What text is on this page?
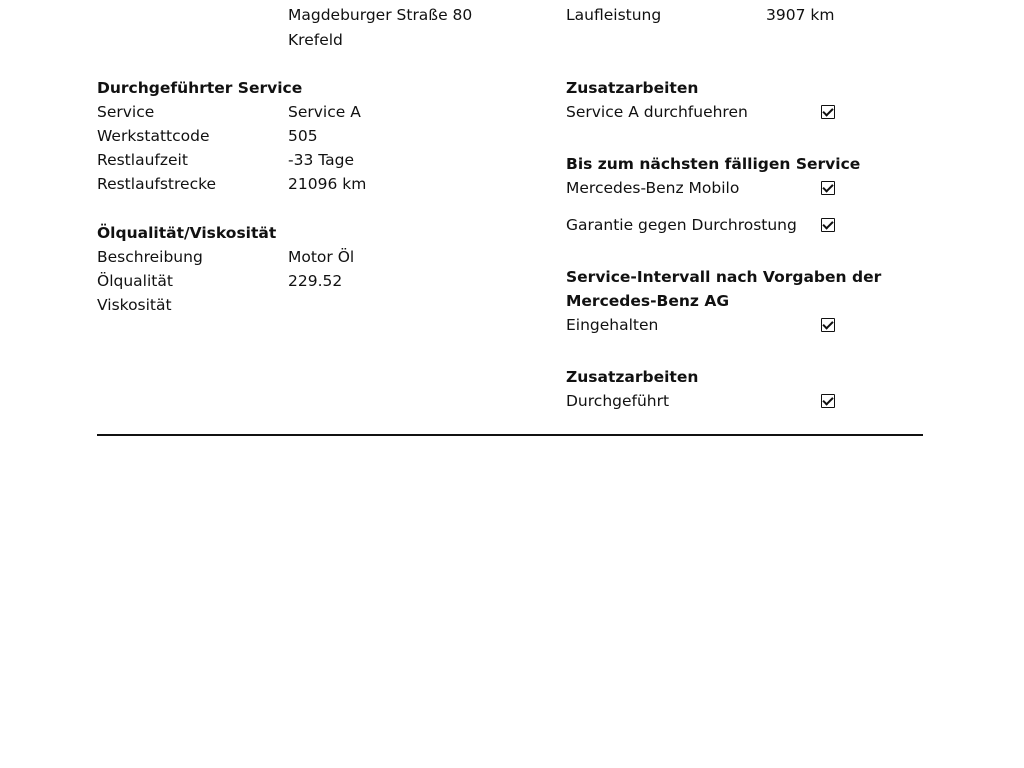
Magdeburger Straße 80
Krefeld
Laufleistung	3907 km
Durchgeführter Service
Service	Service A
Werkstattcode	505
Restlaufzeit	-33 Tage
Restlaufstrecke	21096 km
Ölqualität/Viskosität
Beschreibung	Motor Öl
Ölqualität	229.52
Viskosität
Zusatzarbeiten
Service A durchfuehren
Bis zum nächsten fälligen Service
Mercedes-Benz Mobilo
Garantie gegen Durchrostung
Service-Intervall nach Vorgaben der
Mercedes-Benz AG
Eingehalten
Zusatzarbeiten
Durchgeführt
